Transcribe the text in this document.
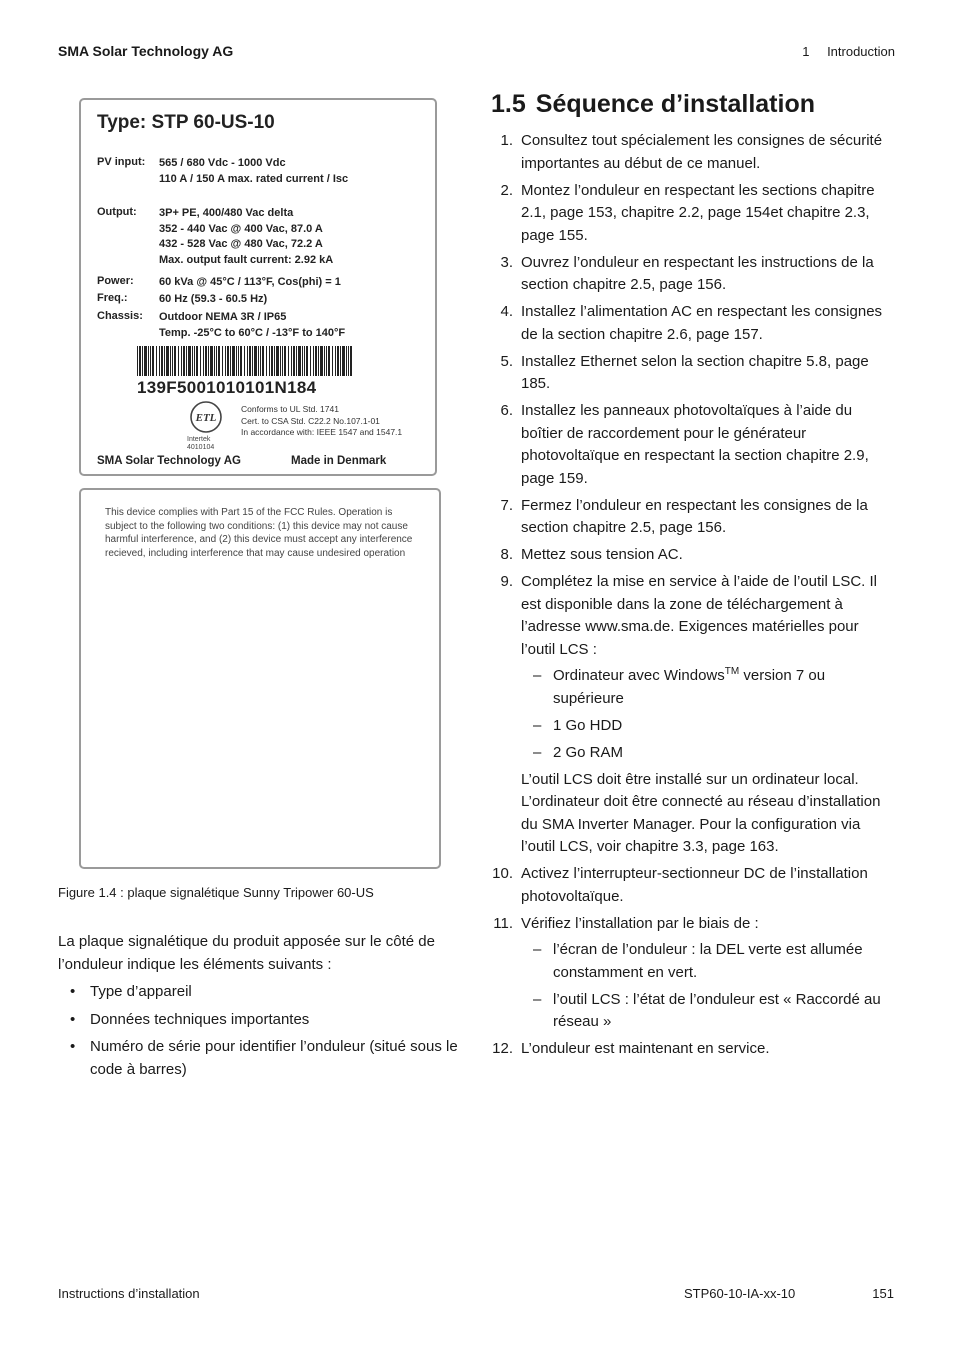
SMA Solar Technology AG	1 Introduction
Type: STP 60-US-10
PV input: 565 / 680 Vdc - 1000 Vdc
110 A / 150 A max. rated current / Isc
Output: 3P+ PE, 400/480 Vac delta
352 - 440 Vac @ 400 Vac, 87.0 A
432 - 528 Vac @ 480 Vac, 72.2 A
Max. output fault current: 2.92 kA
Power: 60 kVa @ 45°C / 113°F, Cos(phi) = 1
Freq.:	60 Hz (59.3 - 60.5 Hz)
Chassis: Outdoor NEMA 3R / IP65
Temp. -25°C to 60°C / -13°F to 140°F
139F5001010101N184
ETL
Intertek
4010104
Conforms to UL Std. 1741
Cert. to CSA Std. C22.2 No.107.1-01
In accordance with: IEEE 1547 and 1547.1
SMA Solar Technology AG	Made in Denmark
This device complies with Part 15 of the FCC Rules. Operation is subject to the following two conditions: (1) this device may not cause harmful interference, and (2) this device must accept any interference recieved, including interference that may cause undesired operation
Figure 1.4 : plaque signalétique Sunny Tripower 60-US

La plaque signalétique du produit apposée sur le côté de l’onduleur indique les éléments suivants :

• Type d’appareil
• Données techniques importantes
• Numéro de série pour identifier l’onduleur (situé sous le code à barres)
1.5 Séquence d’installation
1. Consultez tout spécialement les consignes de sécurité importantes au début de ce manuel.
2. Montez l’onduleur en respectant les sections chapitre 2.1, page 153, chapitre 2.2, page 154et chapitre 2.3, page 155.
3. Ouvrez l’onduleur en respectant les instructions de la section chapitre 2.5, page 156.
4. Installez l’alimentation AC en respectant les consignes de la section chapitre 2.6, page 157.
5. Installez Ethernet selon la section chapitre 5.8, page 185.
6. Installez les panneaux photovoltaïques à l’aide du boîtier de raccordement pour le générateur photovoltaïque en respectant la section chapitre 2.9, page 159.
7. Fermez l’onduleur en respectant les consignes de la section chapitre 2.5, page 156.
8. Mettez sous tension AC.
9. Complétez la mise en service à l’aide de l’outil LSC. Il est disponible dans la zone de téléchargement à l’adresse www.sma.de. Exigences matérielles pour l’outil LCS :
– Ordinateur avec Windows™ version 7 ou supérieure
– 1 Go HDD
– 2 Go RAM
L’outil LCS doit être installé sur un ordinateur local. L’ordinateur doit être connecté au réseau d’installation du SMA Inverter Manager. Pour la configuration via l’outil LCS, voir chapitre 3.3, page 163.
10. Activez l’interrupteur-sectionneur DC de l’installation photovoltaïque.
11. Vérifiez l’installation par le biais de :
– l’écran de l’onduleur : la DEL verte est allumée constamment en vert.
– l’outil LCS : l’état de l’onduleur est « Raccordé au réseau »
12. L’onduleur est maintenant en service.
Instructions d’installation	STP60-10-IA-xx-10	151
